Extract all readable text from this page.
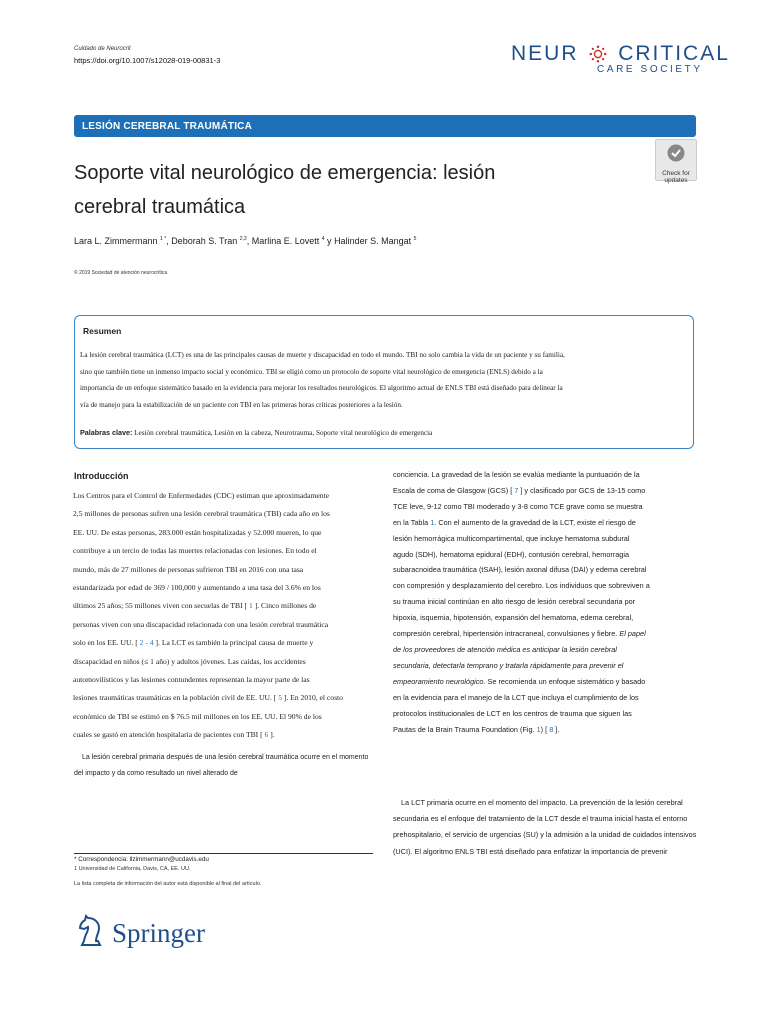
Cuidado de Neurocrit
https://doi.org/10.1007/s12028-019-00831-3	NEUR CRITICAL
CARE SOCIETY
LESIÓN CEREBRAL TRAUMÁTICA
Soporte vital neurológico de emergencia: lesión
cerebral traumática
Check for
updates
Lara L. Zimmermann $^{1 *}$, Deborah S. Tran $^{2,3}$, Marlina E. Lovett $^4$ y Halinder S. Mangat $^5$
© 2019 Sociedad de atención neurocrítica
Resumen
La lesión cerebral traumática (LCT) es una de las principales causas de muerte y discapacidad en todo el mundo. TBI no solo cambia la vida de un paciente y su familia,
sino que también tiene un inmenso impacto social y económico. TBI se eligió como un protocolo de soporte vital neurológico de emergencia (ENLS) debido a la
importancia de un enfoque sistemático basado en la evidencia para mejorar los resultados neurológicos. El algoritmo actual de ENLS TBI está diseñado para delinear la
vía de manejo para la estabilización de un paciente con TBI en las primeras horas críticas posteriores a la lesión.
Palabras clave: Lesión cerebral traumática, Lesión en la cabeza, Neurotrauma, Soporte vital neurológico de emergencia
Introducción
Los Centros para el Control de Enfermedades (CDC) estiman que aproximadamente
2,5 millones de personas sufren una lesión cerebral traumática (TBI) cada año en los
EE. UU. De estas personas, 283.000 están hospitalizadas y 52.000 mueren, lo que
contribuye a un tercio de todas las muertes relacionadas con lesiones. En todo el
mundo, más de 27 millones de personas sufrieron TBI en 2016 con una tasa
estandarizada por edad de 369 / 100,000 y aumentando a una tasa del 3.6% en los
últimos 25 años; 55 millones viven con secuelas de TBI [ 1 ]. Cinco millones de
personas viven con una discapacidad relacionada con una lesión cerebral traumática
solo en los EE. UU. [ 2 - 4 ]. La LCT es también la principal causa de muerte y
discapacidad en niños (≤ 1 año) y adultos jóvenes. Las caídas, los accidentes
automovilísticos y las lesiones contundentes representan la mayor parte de las
lesiones traumáticas traumáticas en la población civil de EE. UU. [ 5 ]. En 2010, el costo
económico de TBI se estimó en $ 76.5 mil millones en los EE. UU. El 90% de los
cuales se gastó en atención hospitalaria de pacientes con TBI [ 6 ].
La lesión cerebral primaria después de una lesión cerebral traumática ocurre en el momento del impacto y da como resultado un nivel alterado de
conciencia. La gravedad de la lesión se evalúa mediante la puntuación de la
Escala de coma de Glasgow (GCS) [ 7 ] y clasificado por GCS de 13-15 como
TCE leve, 9-12 como TBI moderado y 3-8 como TCE grave como se muestra
en la Tabla 1. Con el aumento de la gravedad de la LCT, existe el riesgo de
lesión hemorrágica multicompartimental, que incluye hematoma subdural
agudo (SDH), hematoma epidural (EDH), contusión cerebral, hemorragia
subaracnoidea traumática (tSAH), lesión axonal difusa (DAI) y edema cerebral
con compresión y desplazamiento del cerebro. Los individuos que sobreviven a
su trauma inicial continúan en alto riesgo de lesión cerebral secundaria por
hipoxia, isquemia, hipotensión, expansión del hematoma, edema cerebral,
compresión cerebral, hipertensión intracraneal, convulsiones y fiebre. El papel
de los proveedores de atención médica es anticipar la lesión cerebral
secundaria, detectarla temprano y tratarla rápidamente para prevenir el
empeoramiento neurológico. Se recomienda un enfoque sistemático y basado
en la evidencia para el manejo de la LCT que incluya el cumplimiento de los
protocolos institucionales de LCT en los centros de trauma que siguen las
Pautas de la Brain Trauma Foundation (Fig. 1) [ 8 ].
La LCT primaria ocurre en el momento del impacto. La prevención de la lesión cerebral secundaria es el enfoque del tratamiento de la LCT desde el trauma inicial hasta el entorno prehospitalario, el servicio de urgencias (SU) y la admisión a la unidad de cuidados intensivos (UCI). El algoritmo ENLS TBI está diseñado para enfatizar la importancia de prevenir
* Correspondencia: llzimmermann@ucdavis.edu
1 Universidad de California, Davis, CA, EE. UU.
La lista completa de información del autor está disponible al final del artículo.
Springer
